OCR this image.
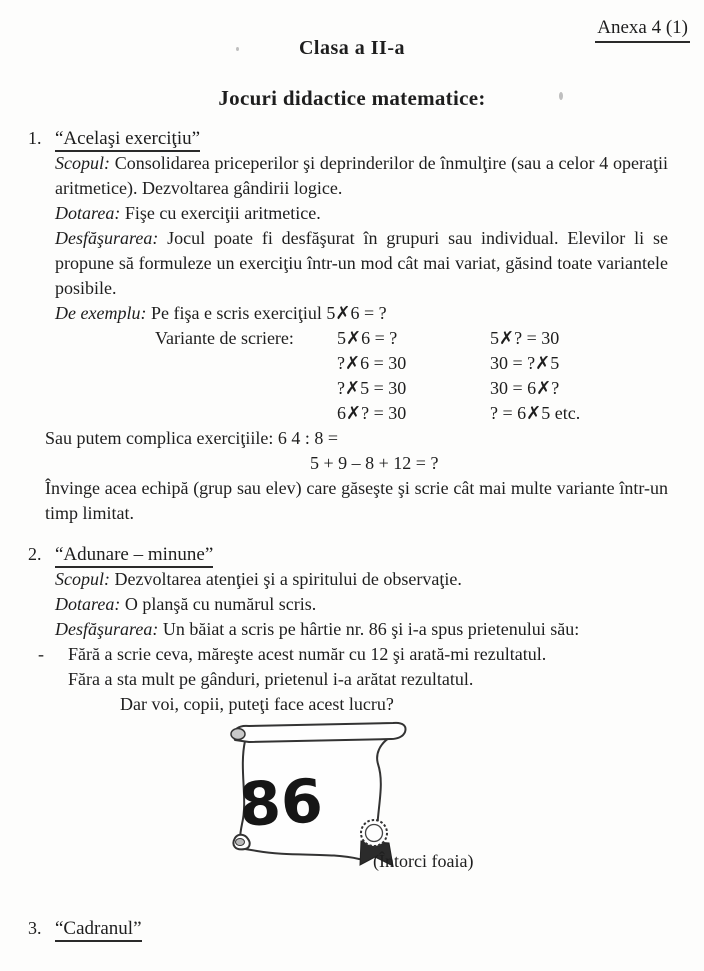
Anexa 4 (1)
Clasa a II-a
Jocuri didactice matematice:

1. “Acelaşi exerciţiu”

Scopul: Consolidarea priceperilor şi deprinderilor de înmulţire (sau a celor 4 operaţii aritmetice). Dezvoltarea gândirii logice.

Dotarea: Fişe cu exerciţii aritmetice.

Desfăşurarea: Jocul poate fi desfăşurat în grupuri sau individual. Elevilor li se propune să formuleze un exerciţiu într-un mod cât mai variat, găsind toate variantele posibile.

De exemplu: Pe fişa e scris exerciţiul 5✗6 = ?

Variante de scriere: 5✗6 = ?
?✗6 = 30
?✗5 = 30
6✗? = 30
5✗? = 30
30 = ?✗5
30 = 6✗?
? = 6✗5 etc.

Sau putem complica exerciţiile: 6 4 : 8 =

5 + 9 – 8 + 12 = ?

Învinge acea echipă (grup sau elev) care găseşte şi scrie cât mai multe variante într-un timp limitat.

2. “Adunare – minune”

Scopul: Dezvoltarea atenţiei şi a spiritului de observaţie.

Dotarea: O planşă cu numărul scris.

Desfăşurarea: Un băiat a scris pe hârtie nr. 86 şi i-a spus prietenului său:

- Fără a scrie ceva, măreşte acest număr cu 12 şi arată-mi rezultatul.

Făra a sta mult pe gânduri, prietenul i-a arătat rezultatul.

Dar voi, copii, puteţi face acest lucru?

86

(Întorci foaia)

3. “Cadranul”
